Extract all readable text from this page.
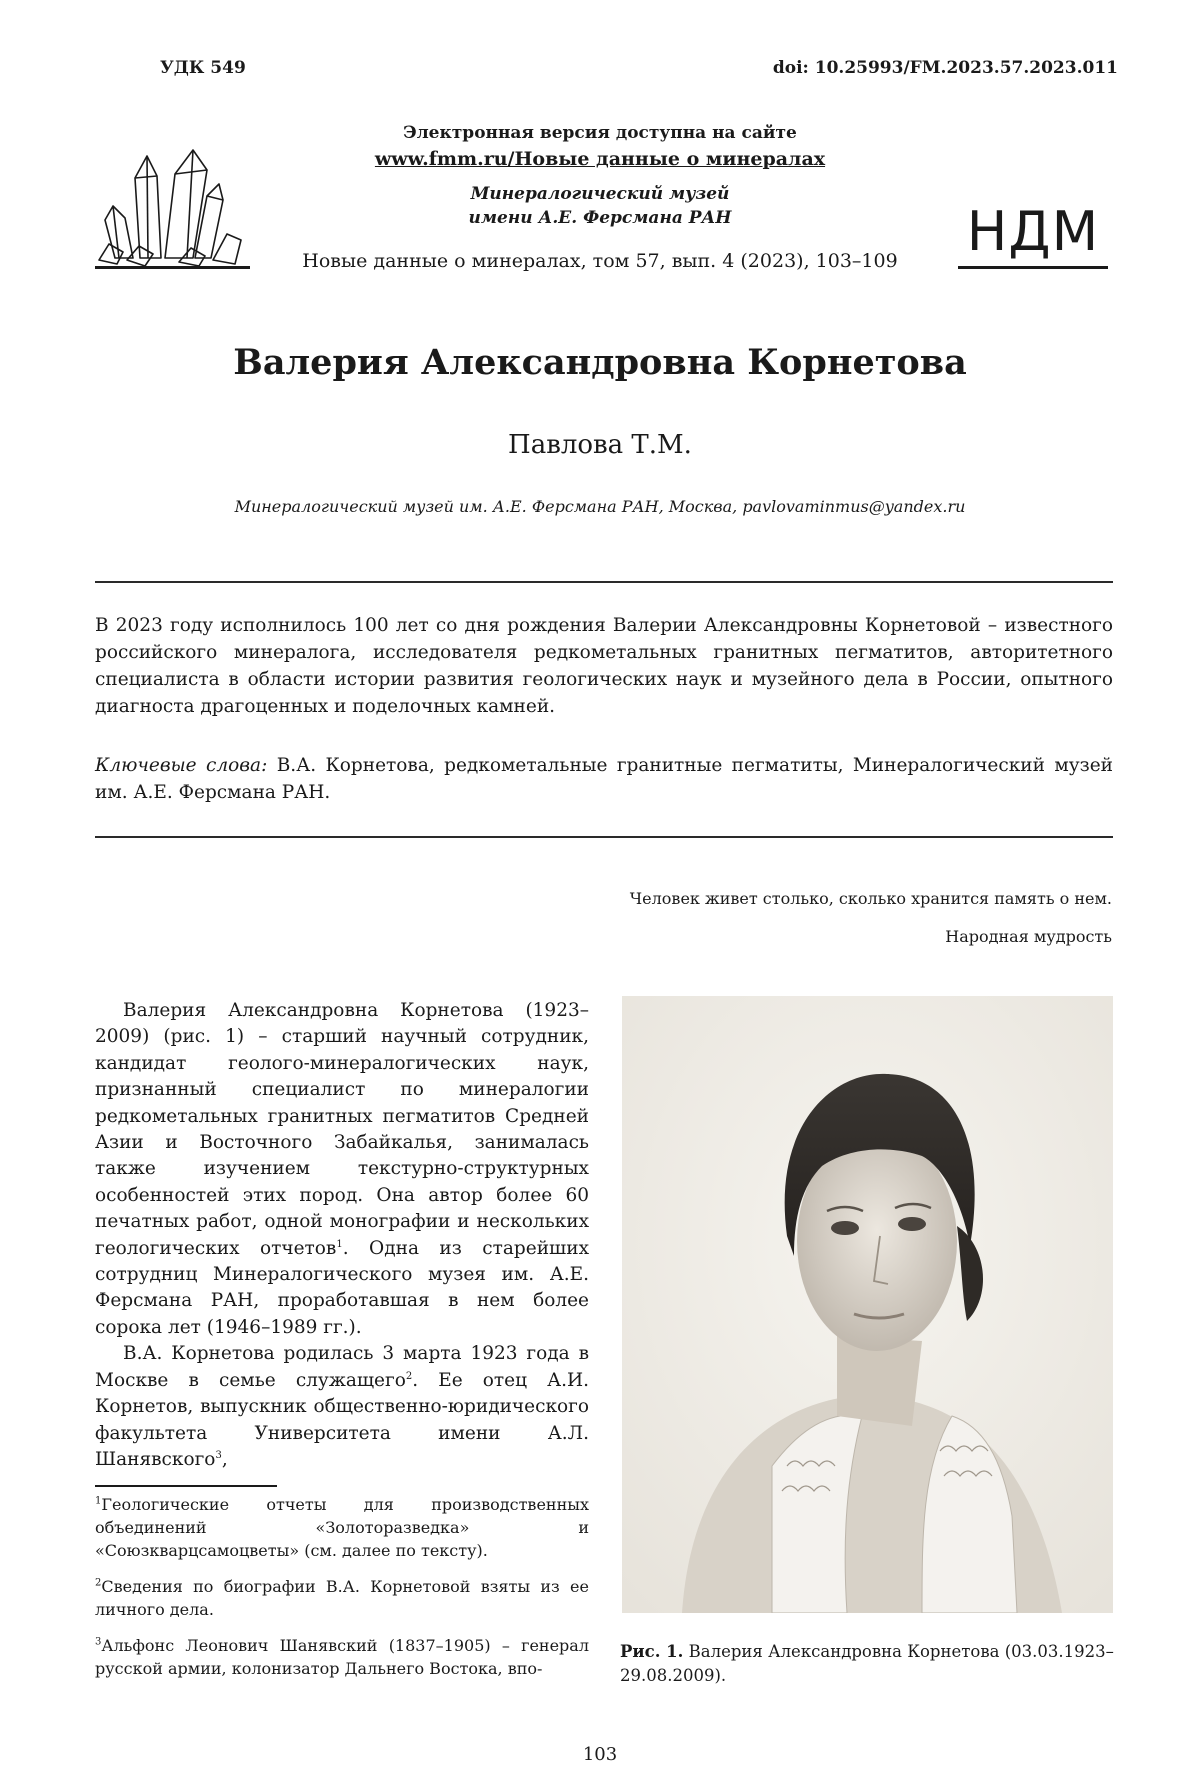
УДК 549	doi: 10.25993/FM.2023.57.2023.011
Электронная версия доступна на сайте
www.fmm.ru/Новые данные о минералах
Минералогический музей
имени А.Е. Ферсмана РАН
Новые данные о минералах, том 57, вып. 4 (2023), 103–109	НДМ
Валерия Александровна Корнетова
Павлова Т.М.
Минералогический музей им. А.Е. Ферсмана РАН, Москва, pavlovaminmus@yandex.ru
В 2023 году исполнилось 100 лет со дня рождения Валерии Александровны Корнетовой – известного российского минералога, исследователя редкометальных гранитных пегматитов, авторитетного специалиста в области истории развития геологических наук и музейного дела в России, опытного диагноста драгоценных и поделочных камней.
Ключевые слова: В.А. Корнетова, редкометальные гранитные пегматиты, Минералогический музей им. А.Е. Ферсмана РАН.
Человек живет столько, сколько хранится память о нем.
Народная мудрость

Валерия Александровна Корнетова (1923–2009) (рис. 1) – старший научный сотрудник, кандидат геолого-минералогических наук, признанный специалист по минералогии редкометальных гранитных пегматитов Средней Азии и Восточного Забайкалья, занималась также изучением текстурно-структурных особенностей этих пород. Она автор более 60 печатных работ, одной монографии и нескольких геологических отчетов$^1$. Одна из старейших сотрудниц Минералогического музея им. А.Е. Ферсмана РАН, проработавшая в нем более сорока лет (1946–1989 гг.).

В.А. Корнетова родилась 3 марта 1923 года в Москве в семье служащего$^2$. Ее отец А.И. Корнетов, выпускник общественно-юридического факультета Университета имени А.Л. Шанявского$^3$,

$^1$Геологические отчеты для производственных объединений «Золоторазведка» и «Союзкварцсамоцветы» (см. далее по тексту).

$^2$Сведения по биографии В.А. Корнетовой взяты из ее личного дела.

$^3$Альфонс Леонович Шанявский (1837–1905) – генерал русской армии, колонизатор Дальнего Востока, впо-

Рис. 1. Валерия Александровна Корнетова (03.03.1923–29.08.2009).
103
